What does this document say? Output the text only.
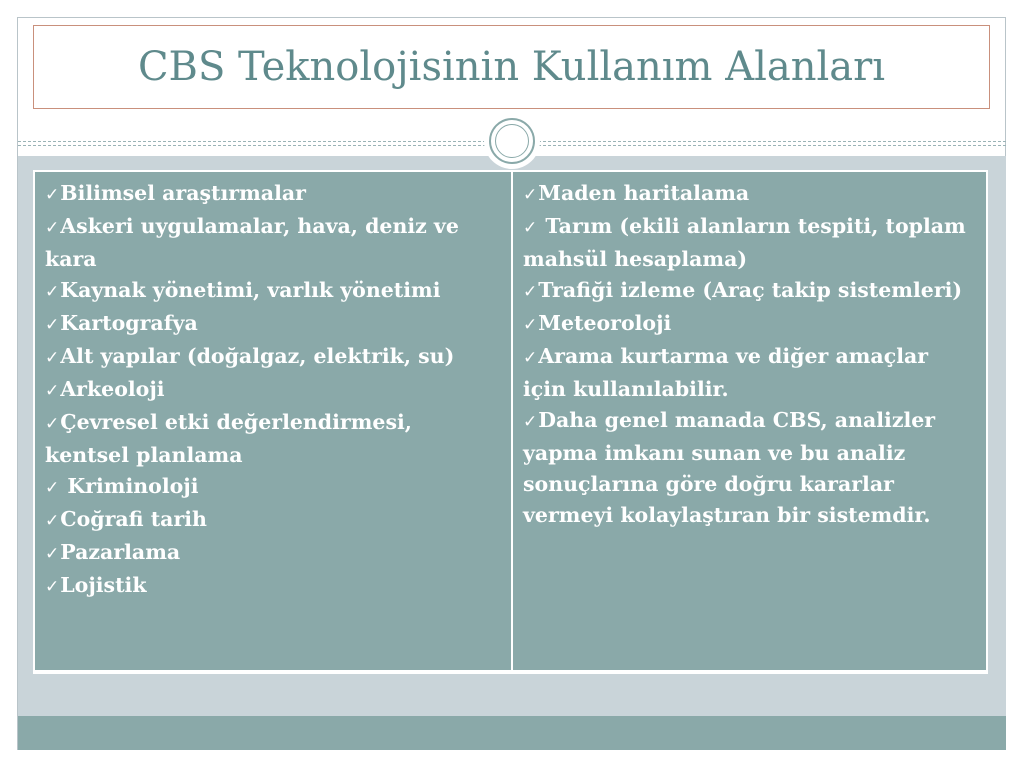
CBS Teknolojisinin Kullanım Alanları
✓Bilimsel araştırmalar
✓Askeri uygulamalar, hava, deniz ve kara
✓Kaynak yönetimi, varlık yönetimi
✓Kartografya
✓Alt yapılar (doğalgaz, elektrik, su)
✓Arkeoloji
✓Çevresel etki değerlendirmesi, kentsel planlama
✓ Kriminoloji
✓Coğrafi tarih
✓Pazarlama
✓Lojistik
✓Maden haritalama
✓ Tarım (ekili alanların tespiti, toplam mahsül hesaplama)
✓Trafiği izleme (Araç takip sistemleri)
✓Meteoroloji
✓Arama kurtarma ve diğer amaçlar için kullanılabilir.
✓Daha genel manada CBS, analizler yapma imkanı sunan ve bu analiz sonuçlarına göre doğru kararlar vermeyi kolaylaştıran bir sistemdir.
